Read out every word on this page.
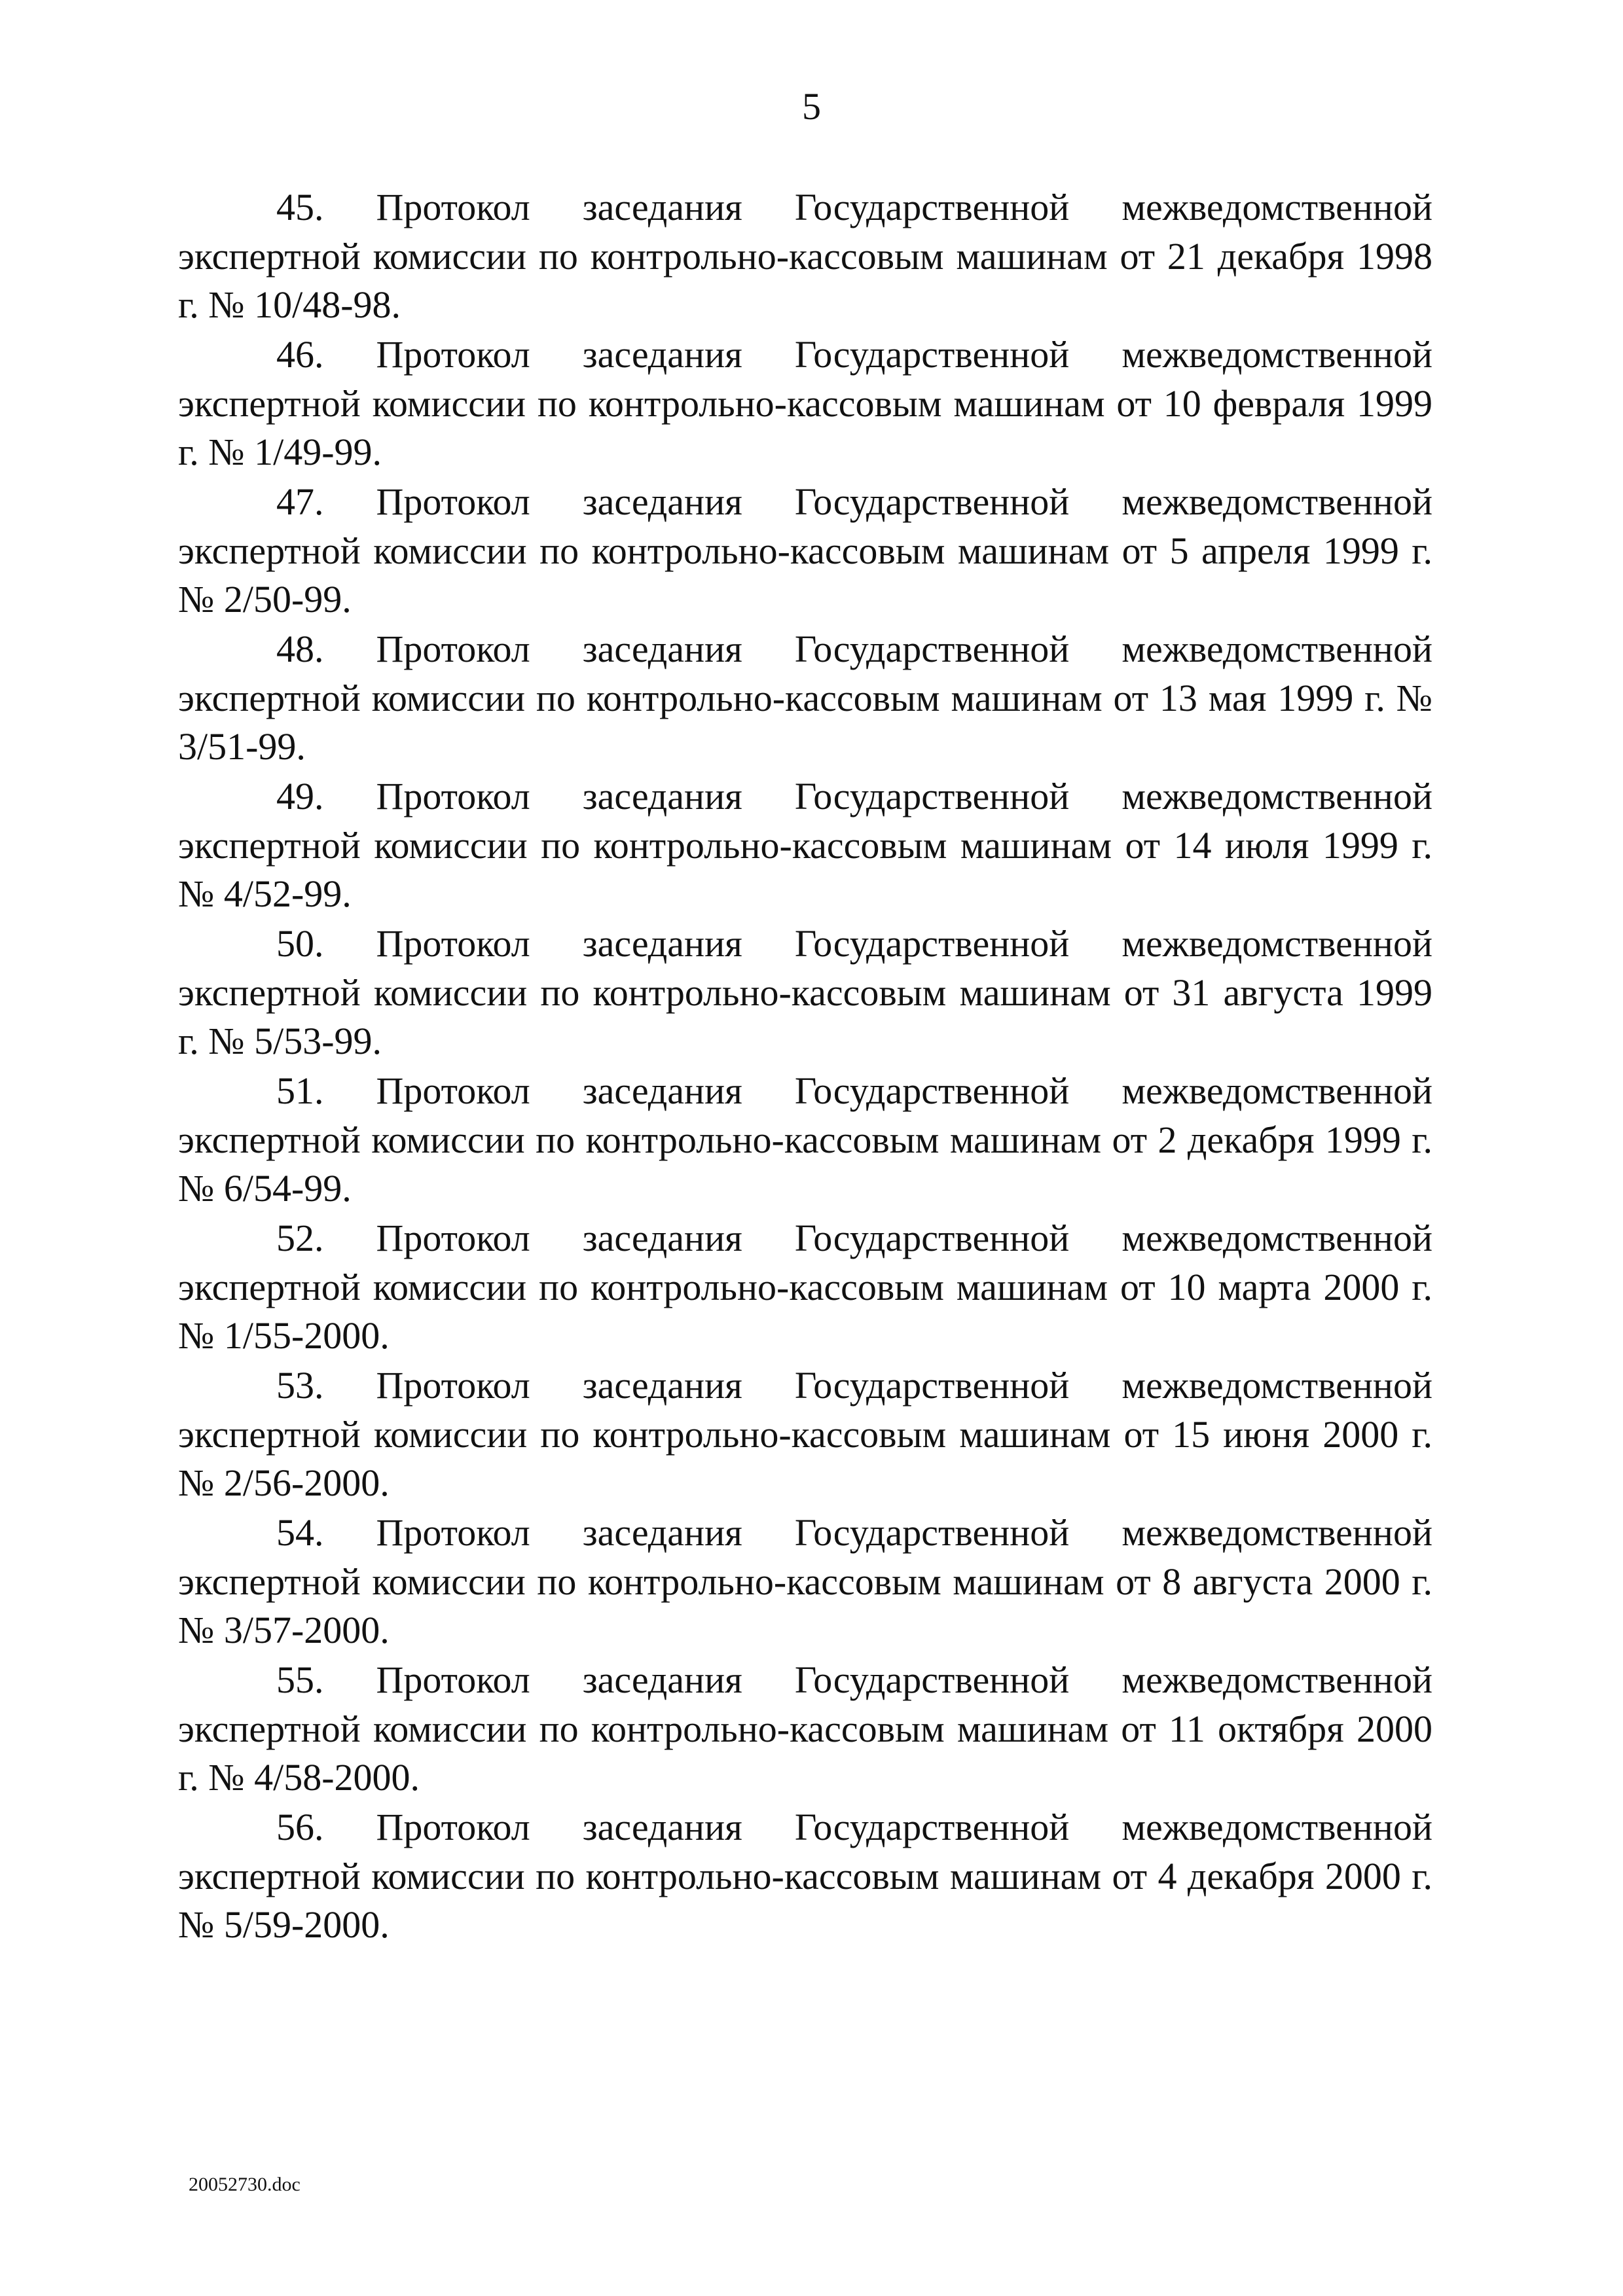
5

45. Протокол заседания Государственной межведомственной экспертной комиссии по контрольно-кассовым машинам от 21 декабря 1998 г. № 10/48-98.

46. Протокол заседания Государственной межведомственной экспертной комиссии по контрольно-кассовым машинам от 10 февраля 1999 г. № 1/49-99.

47. Протокол заседания Государственной межведомственной экспертной комиссии по контрольно-кассовым машинам от 5 апреля 1999 г. № 2/50-99.

48. Протокол заседания Государственной межведомственной экспертной комиссии по контрольно-кассовым машинам от 13 мая 1999 г. № 3/51-99.

49. Протокол заседания Государственной межведомственной экспертной комиссии по контрольно-кассовым машинам от 14 июля 1999 г. № 4/52-99.

50. Протокол заседания Государственной межведомственной экспертной комиссии по контрольно-кассовым машинам от 31 августа 1999 г. № 5/53-99.

51. Протокол заседания Государственной межведомственной экспертной комиссии по контрольно-кассовым машинам от 2 декабря 1999 г. № 6/54-99.

52. Протокол заседания Государственной межведомственной экспертной комиссии по контрольно-кассовым машинам от 10 марта 2000 г. № 1/55-2000.

53. Протокол заседания Государственной межведомственной экспертной комиссии по контрольно-кассовым машинам от 15 июня 2000 г. № 2/56-2000.

54. Протокол заседания Государственной межведомственной экспертной комиссии по контрольно-кассовым машинам от 8 августа 2000 г. № 3/57-2000.

55. Протокол заседания Государственной межведомственной экспертной комиссии по контрольно-кассовым машинам от 11 октября 2000 г. № 4/58-2000.

56. Протокол заседания Государственной межведомственной экспертной комиссии по контрольно-кассовым машинам от 4 декабря 2000 г. № 5/59-2000.

20052730.doc
